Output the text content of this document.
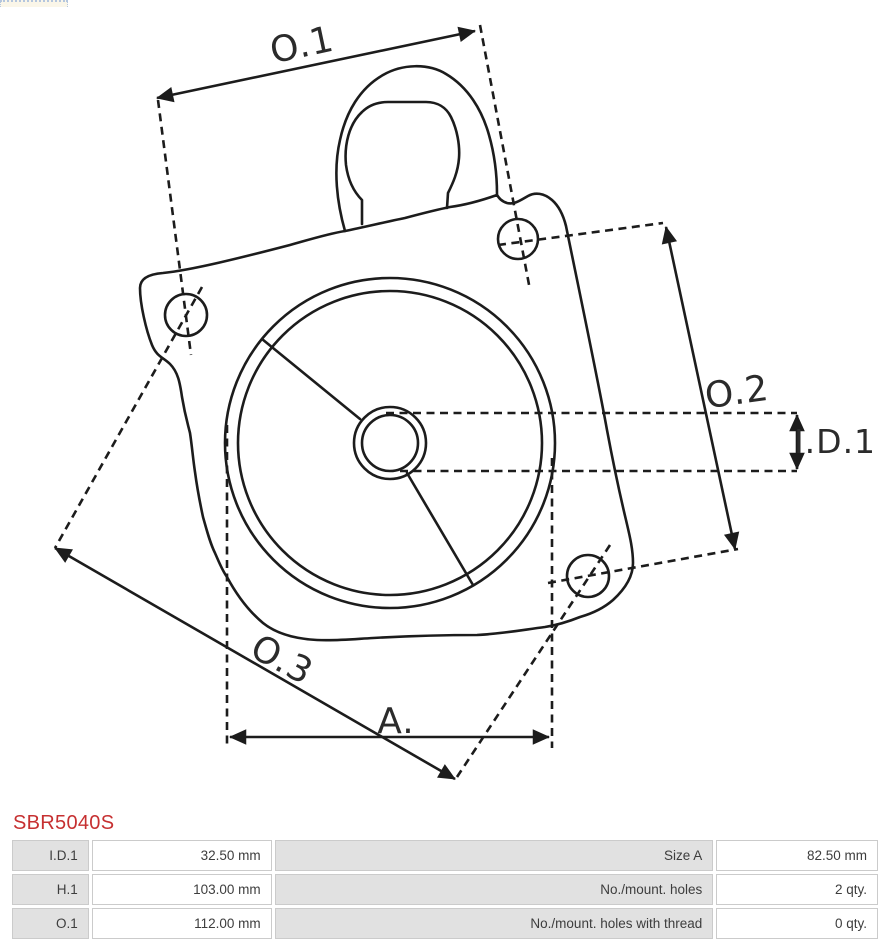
O.1
O.2
O.3
A.
I.D.1
SBR5040S
I.D.1	32.50 mm	Size A	82.50 mm
H.1	103.00 mm	No./mount. holes	2 qty.
O.1	112.00 mm	No./mount. holes with thread	0 qty.
